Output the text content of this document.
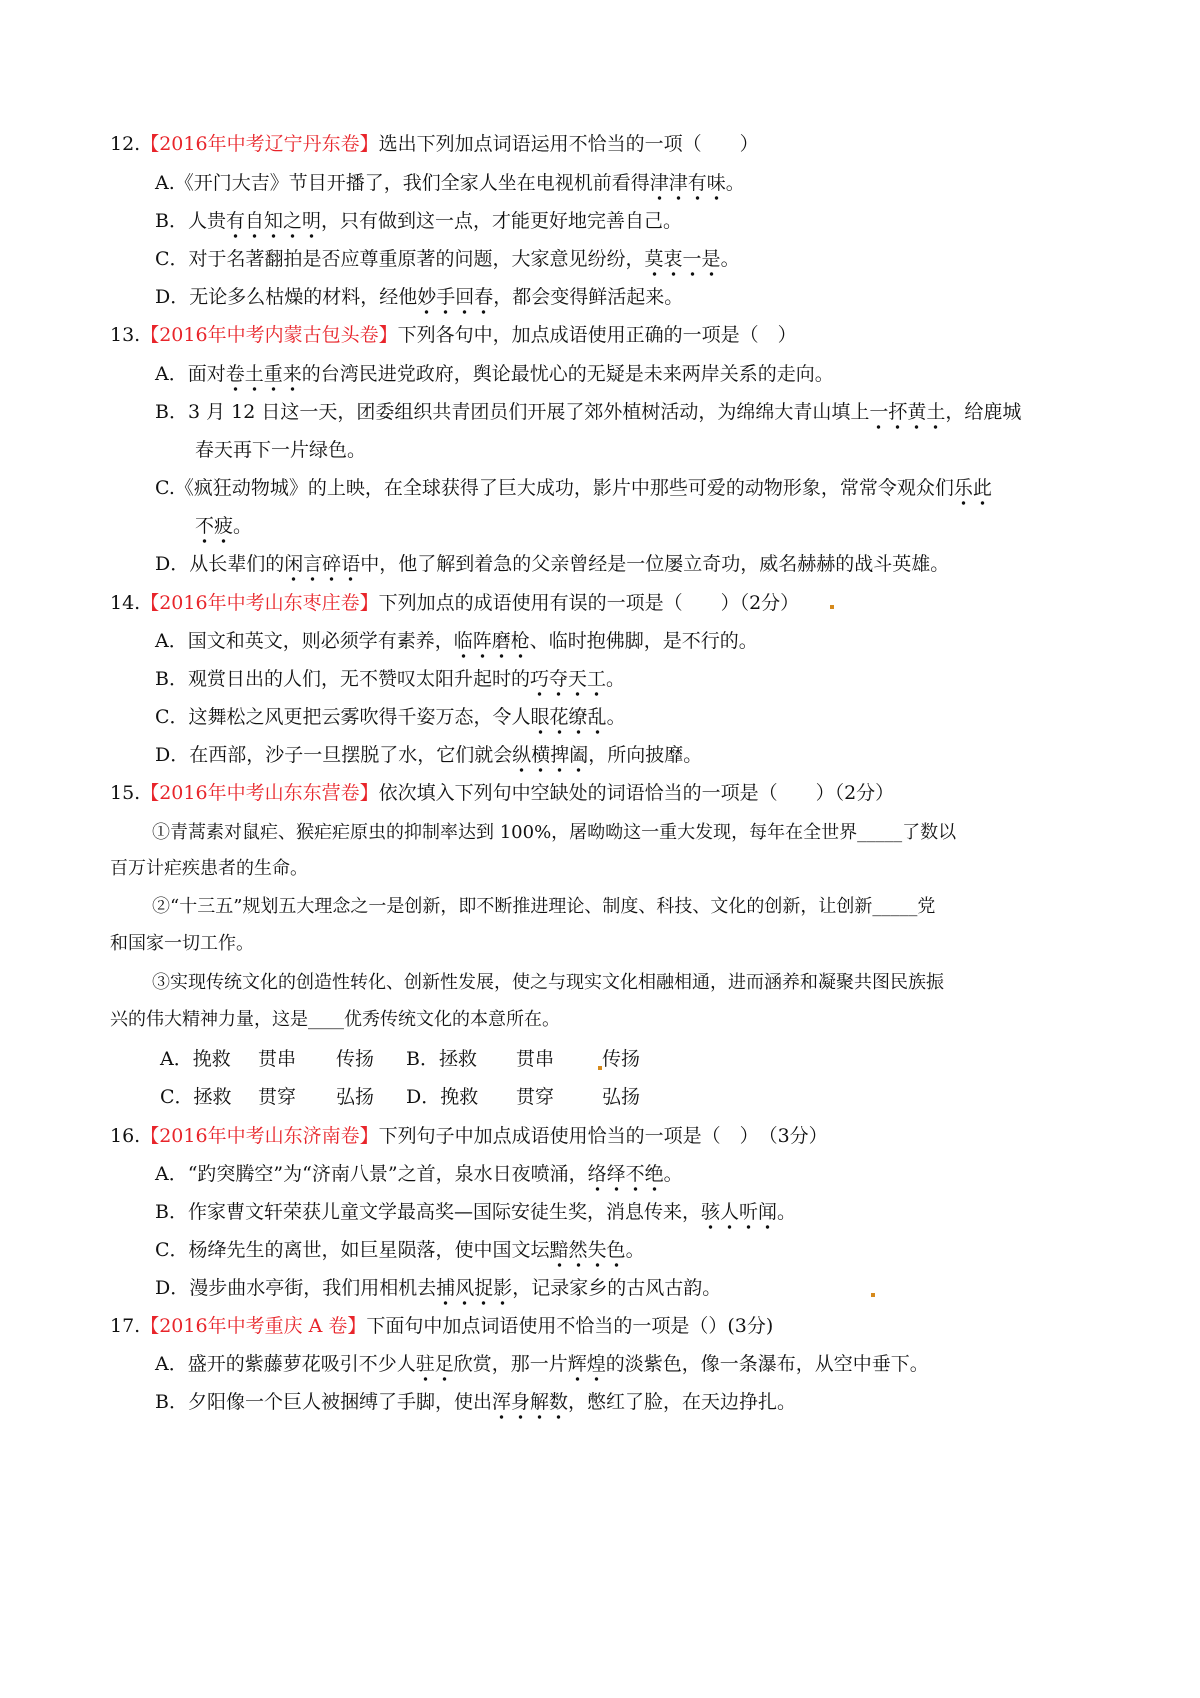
12.【2016年中考辽宁丹东卷】选出下列加点词语运用不恰当的一项（　　）
A.《开门大吉》节目开播了，我们全家人坐在电视机前看得津津有味。
B．人贵有自知之明，只有做到这一点，才能更好地完善自己。
C．对于名著翻拍是否应尊重原著的问题，大家意见纷纷，莫衷一是。
D．无论多么枯燥的材料，经他妙手回春，都会变得鲜活起来。
13.【2016年中考内蒙古包头卷】下列各句中，加点成语使用正确的一项是（　）
A．面对卷土重来的台湾民进党政府，舆论最忧心的无疑是未来两岸关系的走向。
B．3 月 12 日这一天，团委组织共青团员们开展了郊外植树活动，为绵绵大青山填上一抔黄土，给鹿城
春天再下一片绿色。
C.《疯狂动物城》的上映，在全球获得了巨大成功，影片中那些可爱的动物形象，常常令观众们乐此
不疲。
D．从长辈们的闲言碎语中，他了解到着急的父亲曾经是一位屡立奇功，威名赫赫的战斗英雄。
14.【2016年中考山东枣庄卷】下列加点的成语使用有误的一项是（　　）（2分）
A．国文和英文，则必须学有素养，临阵磨枪、临时抱佛脚，是不行的。
B．观赏日出的人们，无不赞叹太阳升起时的巧夺天工。
C．这舞松之风更把云雾吹得千姿万态，令人眼花缭乱。
D．在西部，沙子一旦摆脱了水，它们就会纵横捭阖，所向披靡。
15.【2016年中考山东东营卷】依次填入下列句中空缺处的词语恰当的一项是（　　）（2分）
①青蒿素对鼠疟、猴疟疟原虫的抑制率达到 100%，屠呦呦这一重大发现，每年在全世界_____了数以
百万计疟疾患者的生命。
②“十三五”规划五大理念之一是创新，即不断推进理论、制度、科技、文化的创新，让创新_____党
和国家一切工作。
③实现传统文化的创造性转化、创新性发展，使之与现实文化相融相通，进而涵养和凝聚共图民族振
兴的伟大精神力量，这是____优秀传统文化的本意所在。
A．挽救 贯串 传扬 B．拯救 贯串	传扬
C．拯救 贯穿 弘扬 D．挽救 贯穿	弘扬
16.【2016年中考山东济南卷】下列句子中加点成语使用恰当的一项是（　）　（3分）
A．“趵突腾空”为“济南八景”之首，泉水日夜喷涌，络绎不绝。
B．作家曹文轩荣获儿童文学最高奖—国际安徒生奖，消息传来，骇人听闻。
C．杨绛先生的离世，如巨星陨落，使中国文坛黯然失色。
D．漫步曲水亭街，我们用相机去捕风捉影，记录家乡的古风古韵。
17.【2016年中考重庆 A 卷】下面句中加点词语使用不恰当的一项是（）(3分)
A．盛开的紫藤萝花吸引不少人驻足欣赏，那一片辉煌的淡紫色，像一条瀑布，从空中垂下。
B．夕阳像一个巨人被捆缚了手脚，使出浑身解数，憋红了脸，在天边挣扎。
